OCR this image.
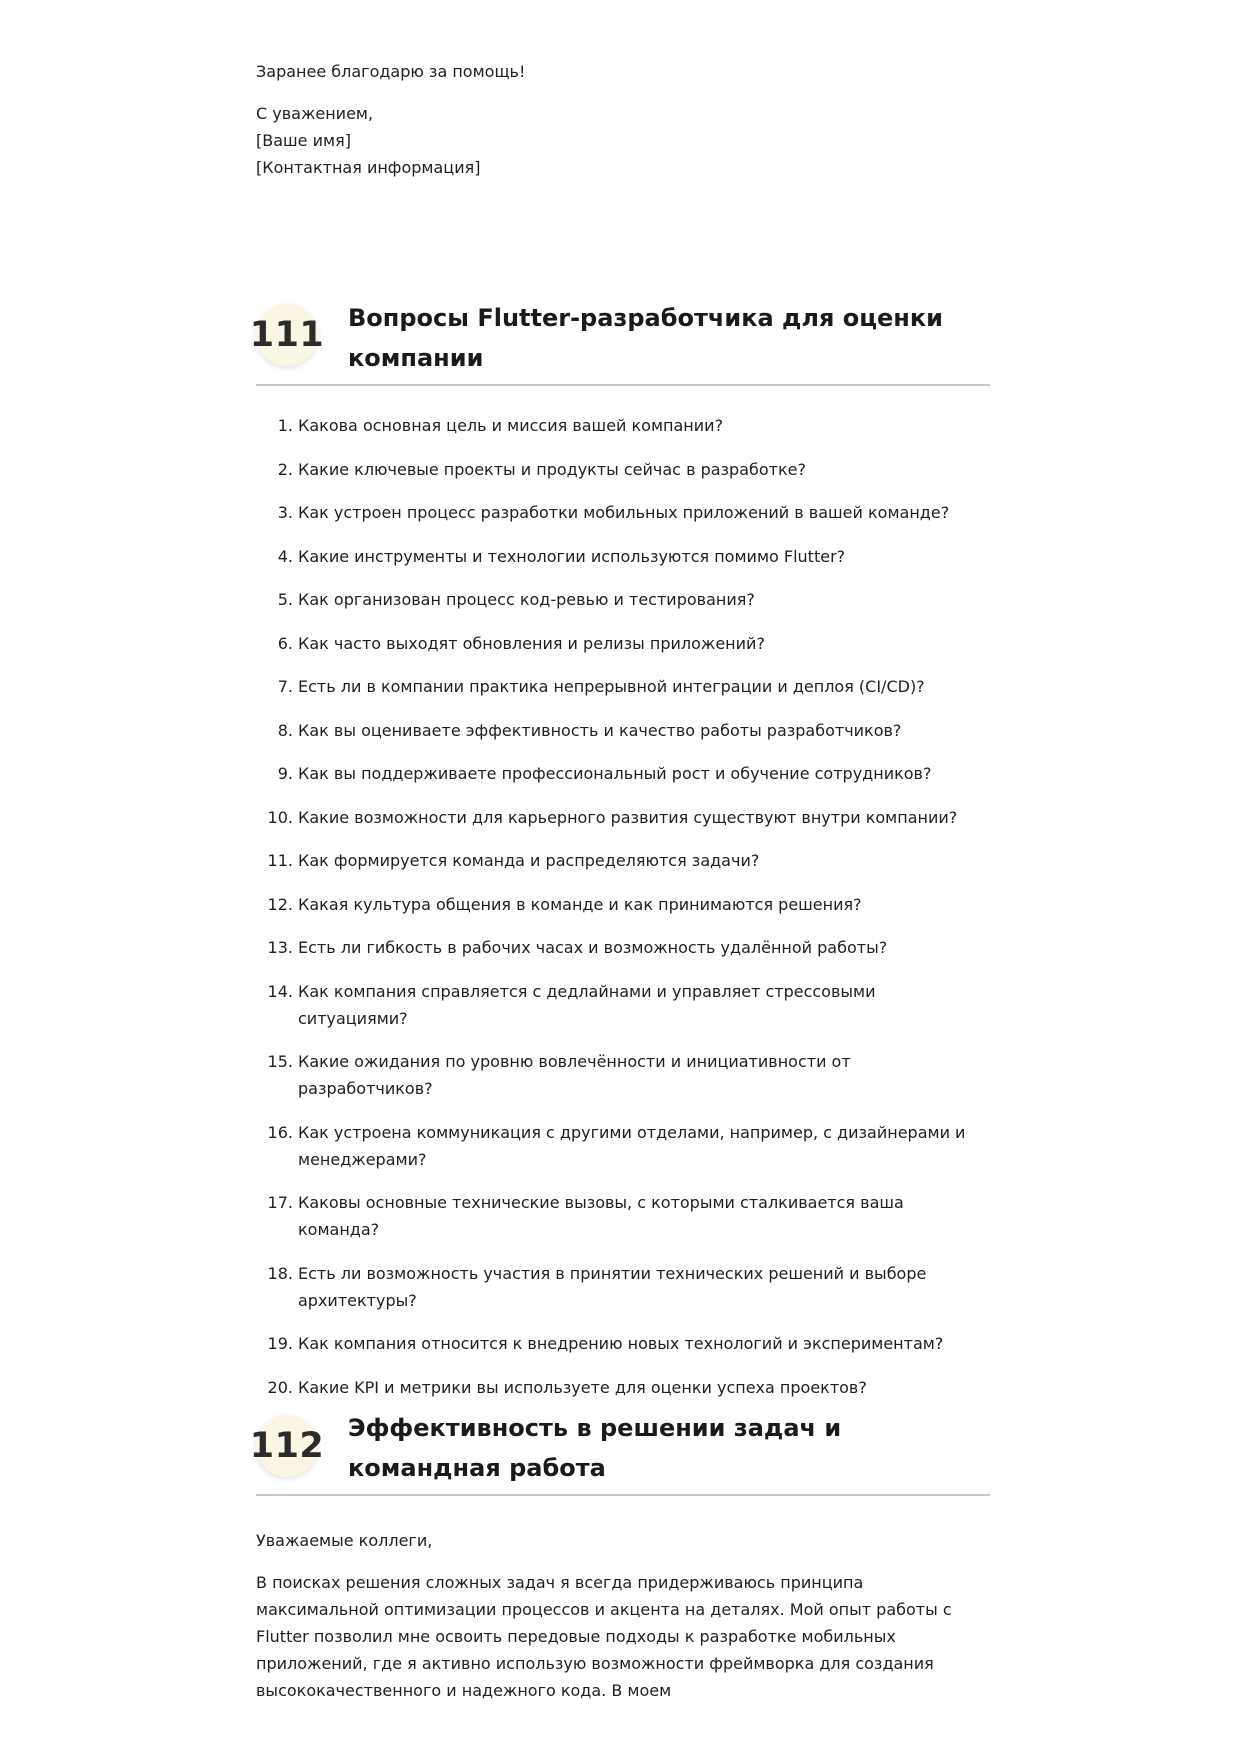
Заранее благодарю за помощь!

С уважением,

[Ваше имя]

[Контактная информация]

111 Вопросы Flutter-разработчика для оценки компании
1. Какова основная цель и миссия вашей компании?
2. Какие ключевые проекты и продукты сейчас в разработке?
3. Как устроен процесс разработки мобильных приложений в вашей команде?
4. Какие инструменты и технологии используются помимо Flutter?
5. Как организован процесс код-ревью и тестирования?
6. Как часто выходят обновления и релизы приложений?
7. Есть ли в компании практика непрерывной интеграции и деплоя (CI/CD)?
8. Как вы оцениваете эффективность и качество работы разработчиков?
9. Как вы поддерживаете профессиональный рост и обучение сотрудников?
10. Какие возможности для карьерного развития существуют внутри компании?
11. Как формируется команда и распределяются задачи?
12. Какая культура общения в команде и как принимаются решения?
13. Есть ли гибкость в рабочих часах и возможность удалённой работы?
14. Как компания справляется с дедлайнами и управляет стрессовыми ситуациями?
15. Какие ожидания по уровню вовлечённости и инициативности от разработчиков?
16. Как устроена коммуникация с другими отделами, например, с дизайнерами и менеджерами?
17. Каковы основные технические вызовы, с которыми сталкивается ваша команда?
18. Есть ли возможность участия в принятии технических решений и выборе архитектуры?
19. Как компания относится к внедрению новых технологий и экспериментам?
20. Какие KPI и метрики вы используете для оценки успеха проектов?
112 Эффективность в решении задач и командная работа

Уважаемые коллеги,

В поисках решения сложных задач я всегда придерживаюсь принципа максимальной оптимизации процессов и акцента на деталях. Мой опыт работы с Flutter позволил мне освоить передовые подходы к разработке мобильных приложений, где я активно использую возможности фреймворка для создания высококачественного и надежного кода. В моем
